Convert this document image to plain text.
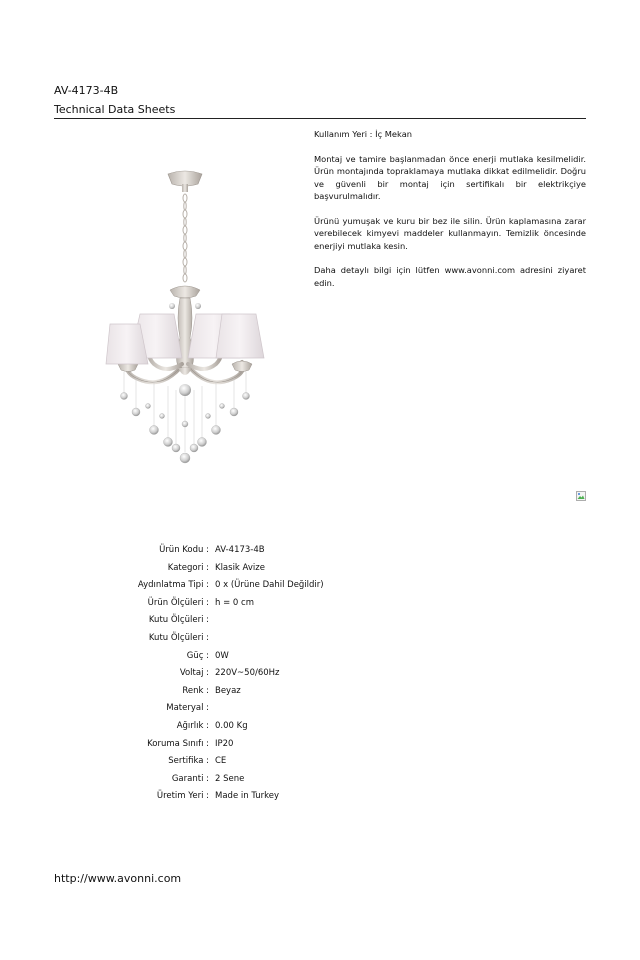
AV-4173-4B
Technical Data Sheets

Kullanım Yeri : İç Mekan

Montaj ve tamire başlanmadan önce enerji mutlaka kesilmelidir. Ürün montajında topraklamaya mutlaka dikkat edilmelidir. Doğru ve güvenli bir montaj için sertifikalı bir elektrikçiye başvurulmalıdır.

Ürünü yumuşak ve kuru bir bez ile silin. Ürün kaplamasına zarar verebilecek kimyevi maddeler kullanmayın. Temizlik öncesinde enerjiyi mutlaka kesin.

Daha detaylı bilgi için lütfen www.avonni.com adresini ziyaret edin.

Ürün Kodu : AV-4173-4B
Kategori : Klasik Avize
Aydınlatma Tipi : 0 x (Ürüne Dahil Değildir)
Ürün Ölçüleri : h = 0 cm
Kutu Ölçüleri :
Kutu Ölçüleri :
Güç : 0W
Voltaj : 220V~50/60Hz
Renk : Beyaz
Materyal :
Ağırlık : 0.00 Kg
Koruma Sınıfı : IP20
Sertifika : CE
Garanti : 2 Sene
Üretim Yeri : Made in Turkey
http://www.avonni.com
